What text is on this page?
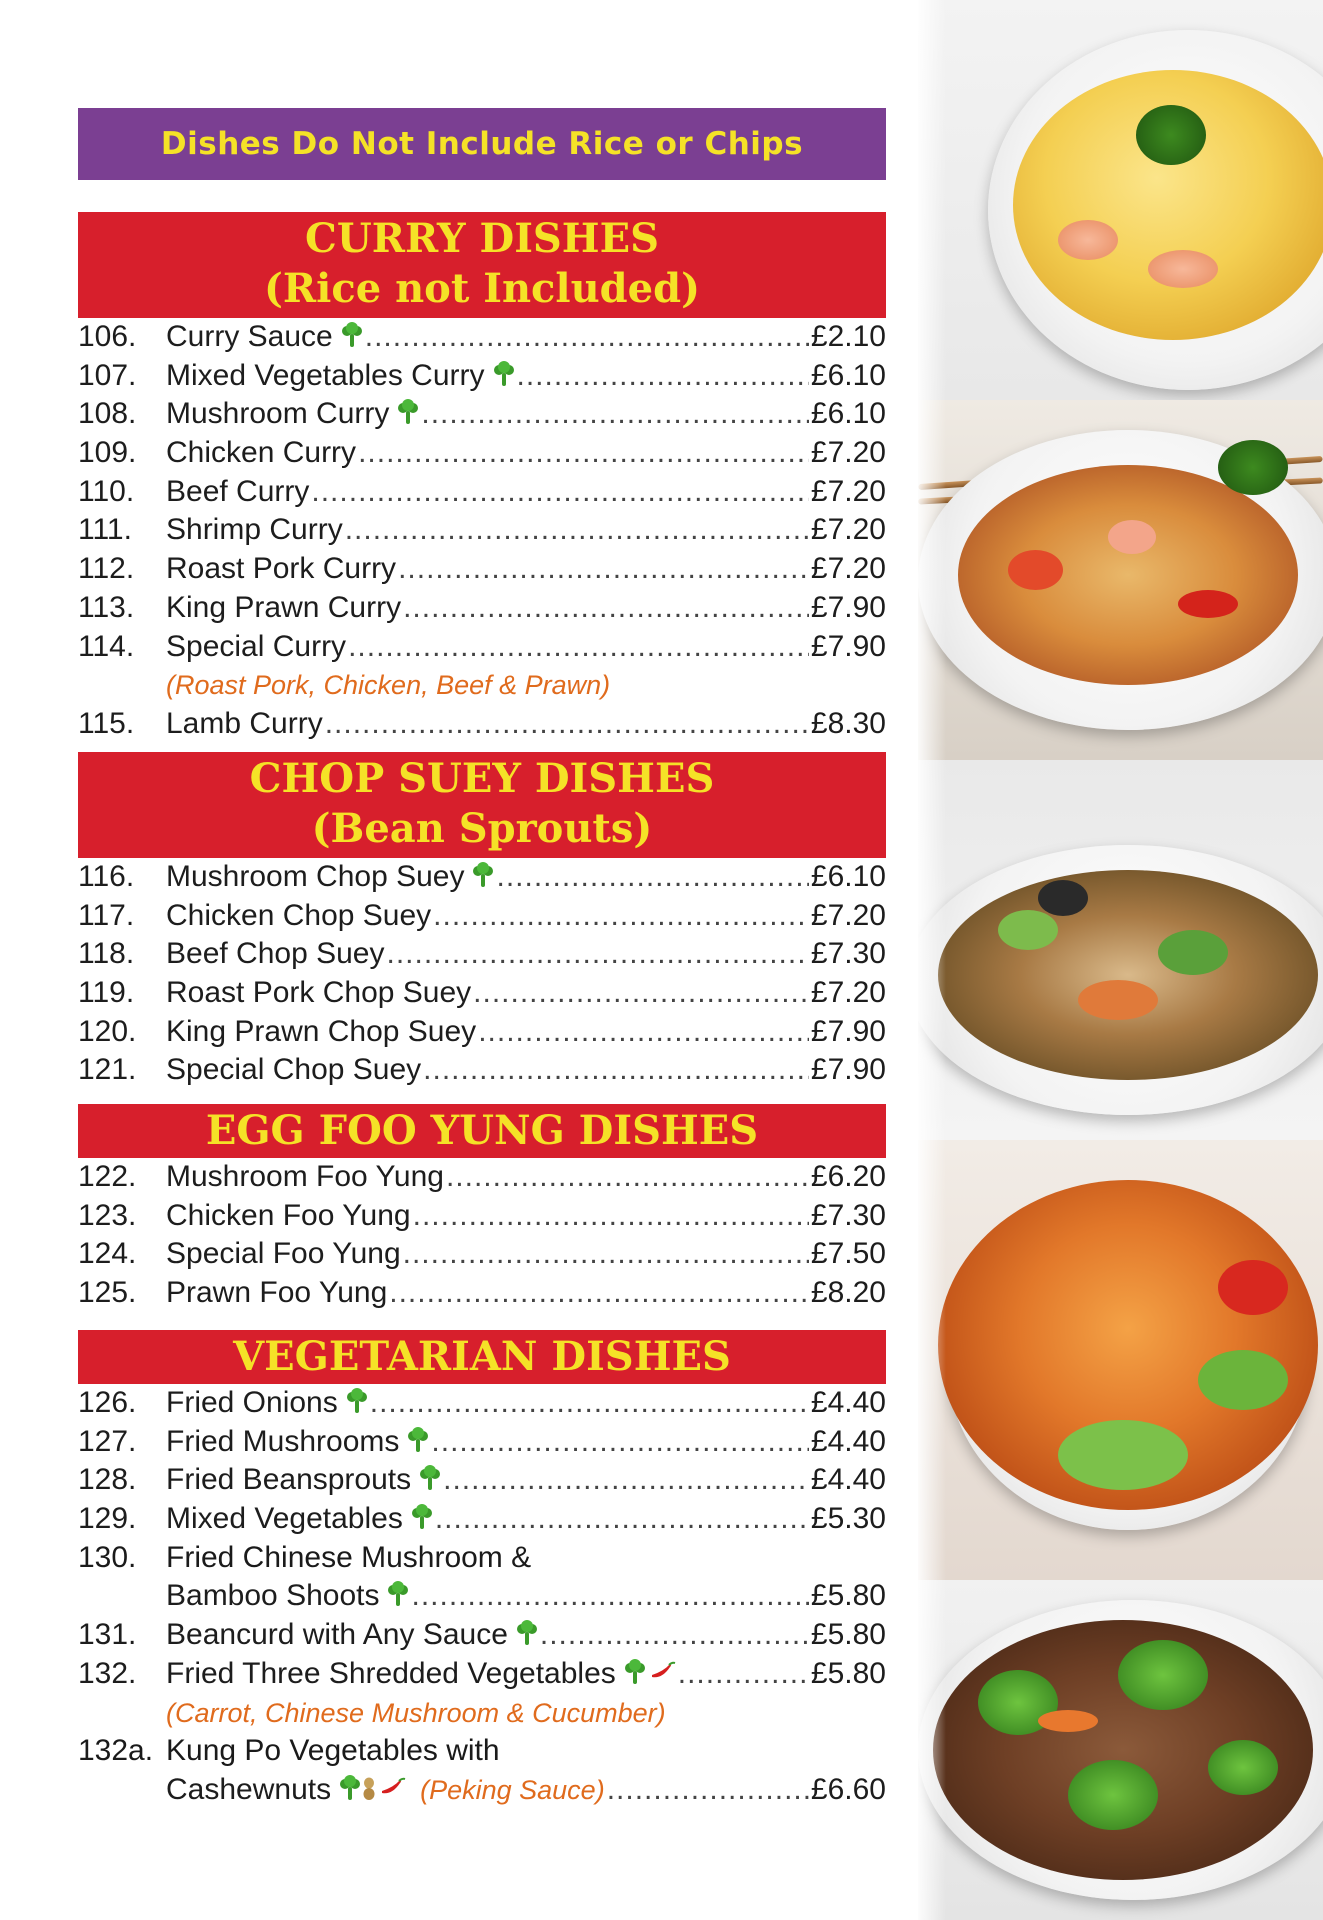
Dishes Do Not Include Rice or Chips
CURRY DISHES
(Rice not Included)
106. Curry Sauce .....	£2.10
107. Mixed Vegetables Curry .....	£6.10
108. Mushroom Curry .....	£6.10
109. Chicken Curry .....	£7.20
110.	Beef Curry .....	£7.20
111.	Shrimp Curry .....	£7.20
112.	Roast Pork Curry .....	£7.20
113.	King Prawn Curry .....	£7.90
114.	Special Curry .....	£7.90
(Roast Pork, Chicken, Beef & Prawn)
115.	Lamb Curry .....	£8.30
CHOP SUEY DISHES
(Bean Sprouts)
116.	Mushroom Chop Suey .....	£6.10
117.	Chicken Chop Suey .....	£7.20
118.	Beef Chop Suey .....	£7.30
119.	Roast Pork Chop Suey .....	£7.20
120. King Prawn Chop Suey .....	£7.90
121. Special Chop Suey .....	£7.90
EGG FOO YUNG DISHES
122. Mushroom Foo Yung .....	£6.20
123. Chicken Foo Yung .....	£7.30
124. Special Foo Yung .....	£7.50
125. Prawn Foo Yung .....	£8.20
VEGETARIAN DISHES
126. Fried Onions .....	£4.40
127. Fried Mushrooms .....	£4.40
128. Fried Beansprouts .....	£4.40
129. Mixed Vegetables .....	£5.30
130. Fried Chinese Mushroom &
Bamboo Shoots .....	£5.80
131. Beancurd with Any Sauce .....	£5.80
132. Fried Three Shredded Vegetables .....	£5.80
(Carrot, Chinese Mushroom & Cucumber)
132a. Kung Po Vegetables with
Cashewnuts	(Peking Sauce) .....	£6.60
